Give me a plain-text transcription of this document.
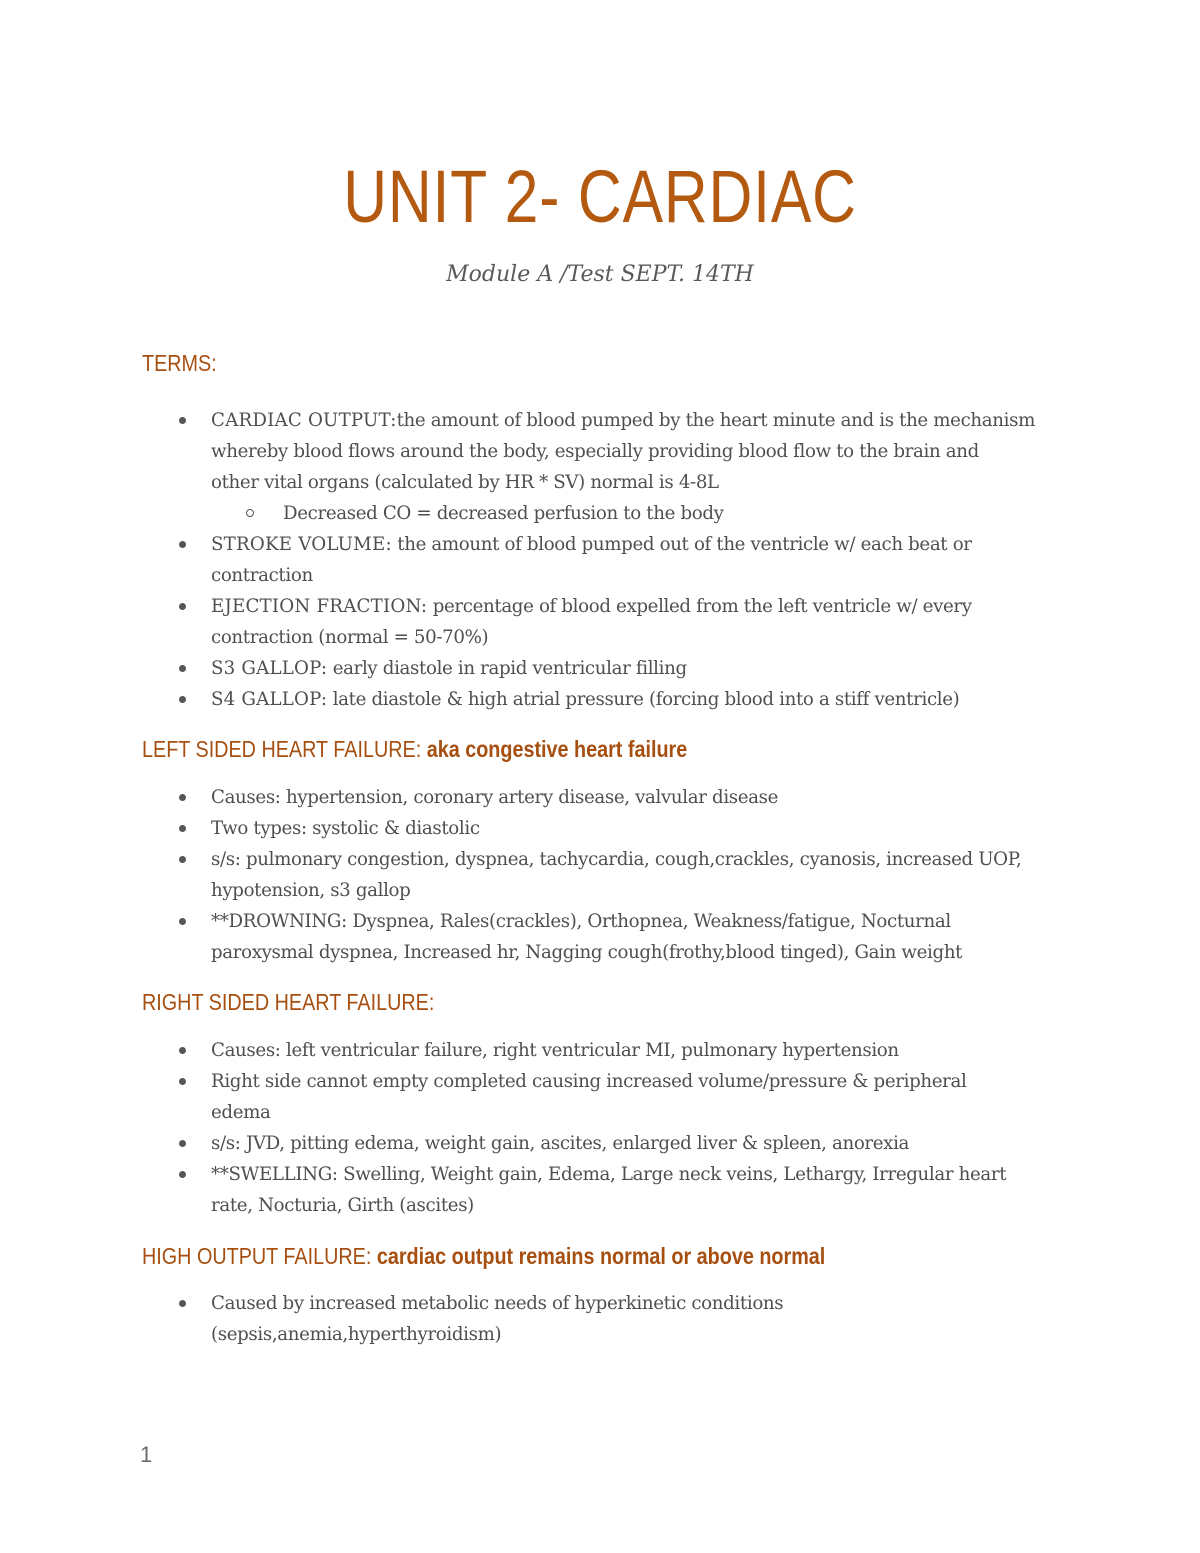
UNIT 2- CARDIAC
Module A /Test SEPT. 14TH
TERMS:
CARDIAC OUTPUT:the amount of blood pumped by the heart minute and is the mechanism
whereby blood flows around the body, especially providing blood flow to the brain and
other vital organs (calculated by HR * SV) normal is 4-8L
Decreased CO = decreased perfusion to the body
STROKE VOLUME: the amount of blood pumped out of the ventricle w/ each beat or
contraction
EJECTION FRACTION: percentage of blood expelled from the left ventricle w/ every
contraction (normal = 50-70%)
S3 GALLOP: early diastole in rapid ventricular filling
S4 GALLOP: late diastole & high atrial pressure (forcing blood into a stiff ventricle)
LEFT SIDED HEART FAILURE: aka congestive heart failure
Causes: hypertension, coronary artery disease, valvular disease
Two types: systolic & diastolic
s/s: pulmonary congestion, dyspnea, tachycardia, cough,crackles, cyanosis, increased UOP,
hypotension, s3 gallop
**DROWNING: Dyspnea, Rales(crackles), Orthopnea, Weakness/fatigue, Nocturnal
paroxysmal dyspnea, Increased hr, Nagging cough(frothy,blood tinged), Gain weight
RIGHT SIDED HEART FAILURE:
Causes: left ventricular failure, right ventricular MI, pulmonary hypertension
Right side cannot empty completed causing increased volume/pressure & peripheral
edema
s/s: JVD, pitting edema, weight gain, ascites, enlarged liver & spleen, anorexia
**SWELLING: Swelling, Weight gain, Edema, Large neck veins, Lethargy, Irregular heart
rate, Nocturia, Girth (ascites)
HIGH OUTPUT FAILURE: cardiac output remains normal or above normal
Caused by increased metabolic needs of hyperkinetic conditions
(sepsis,anemia,hyperthyroidism)
1
